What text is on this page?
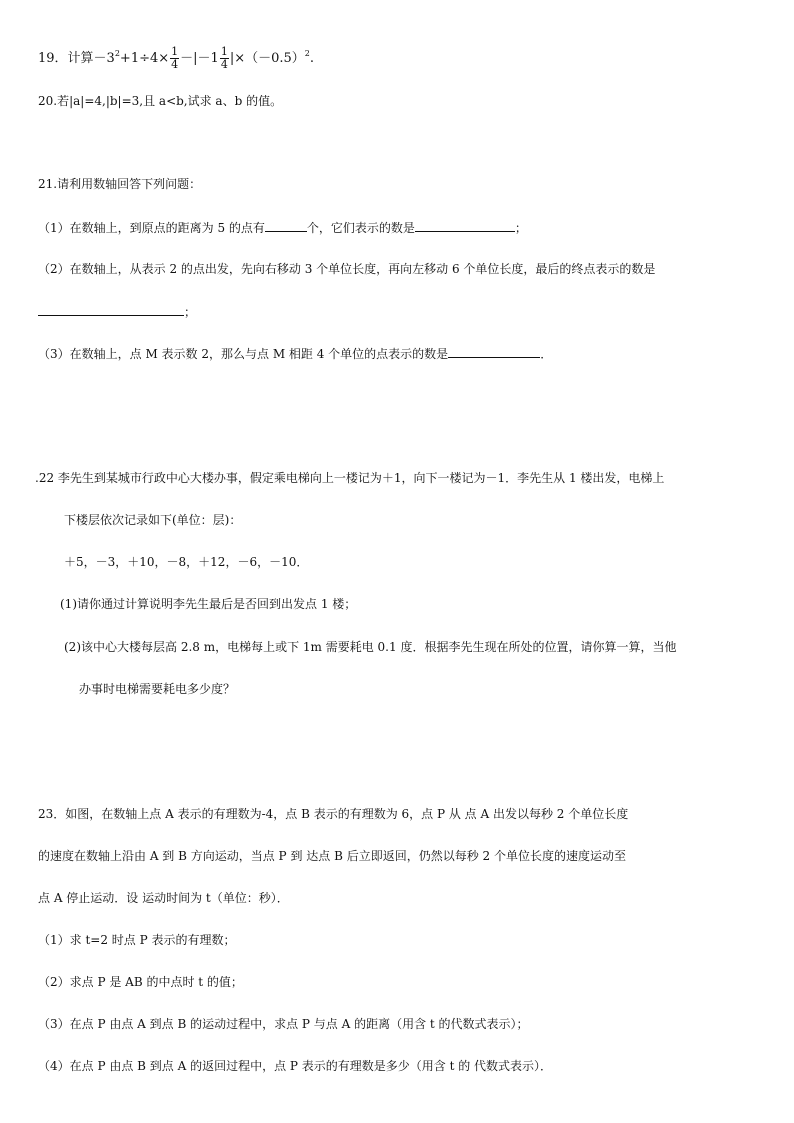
19．计算$-3^2+1\div 4\times \frac{1}{4} -|-1 \frac{1}{4} |\times(-0.5)^2$.
20.若|a|=4,|b|=3,且 a<b,试求 a、b 的值。
21.请利用数轴回答下列问题：
（1）在数轴上，到原点的距离为 5 的点有	个，它们表示的数是	；
（2）在数轴上，从表示 2 的点出发，先向右移动 3 个单位长度，再向左移动 6 个单位长度，最后的终点表示的数是
；
（3）在数轴上，点 M 表示数 2，那么与点 M 相距 4 个单位的点表示的数是	．
.22 李先生到某城市行政中心大楼办事，假定乘电梯向上一楼记为＋1，向下一楼记为－1．李先生从 1 楼出发，电梯上
下楼层依次记录如下(单位：层)：
＋5，－3，＋10，－8，＋12，－6，－10．
(1)请你通过计算说明李先生最后是否回到出发点 1 楼；
(2)该中心大楼每层高 2.8 m，电梯每上或下 1m 需要耗电 0.1 度．根据李先生现在所处的位置，请你算一算，当他
办事时电梯需要耗电多少度？
23．如图，在数轴上点 A 表示的有理数为-4，点 B 表示的有理数为 6，点 P 从 点 A 出发以每秒 2 个单位长度
的速度在数轴上沿由 A 到 B 方向运动，当点 P 到 达点 B 后立即返回，仍然以每秒 2 个单位长度的速度运动至
点 A 停止运动．设 运动时间为 t（单位：秒）．
（1）求 t=2 时点 P 表示的有理数；
（2）求点 P 是 AB 的中点时 t 的值；
（3）在点 P 由点 A 到点 B 的运动过程中，求点 P 与点 A 的距离（用含 t 的代数式表示）；
（4）在点 P 由点 B 到点 A 的返回过程中，点 P 表示的有理数是多少（用含 t 的 代数式表示）．
